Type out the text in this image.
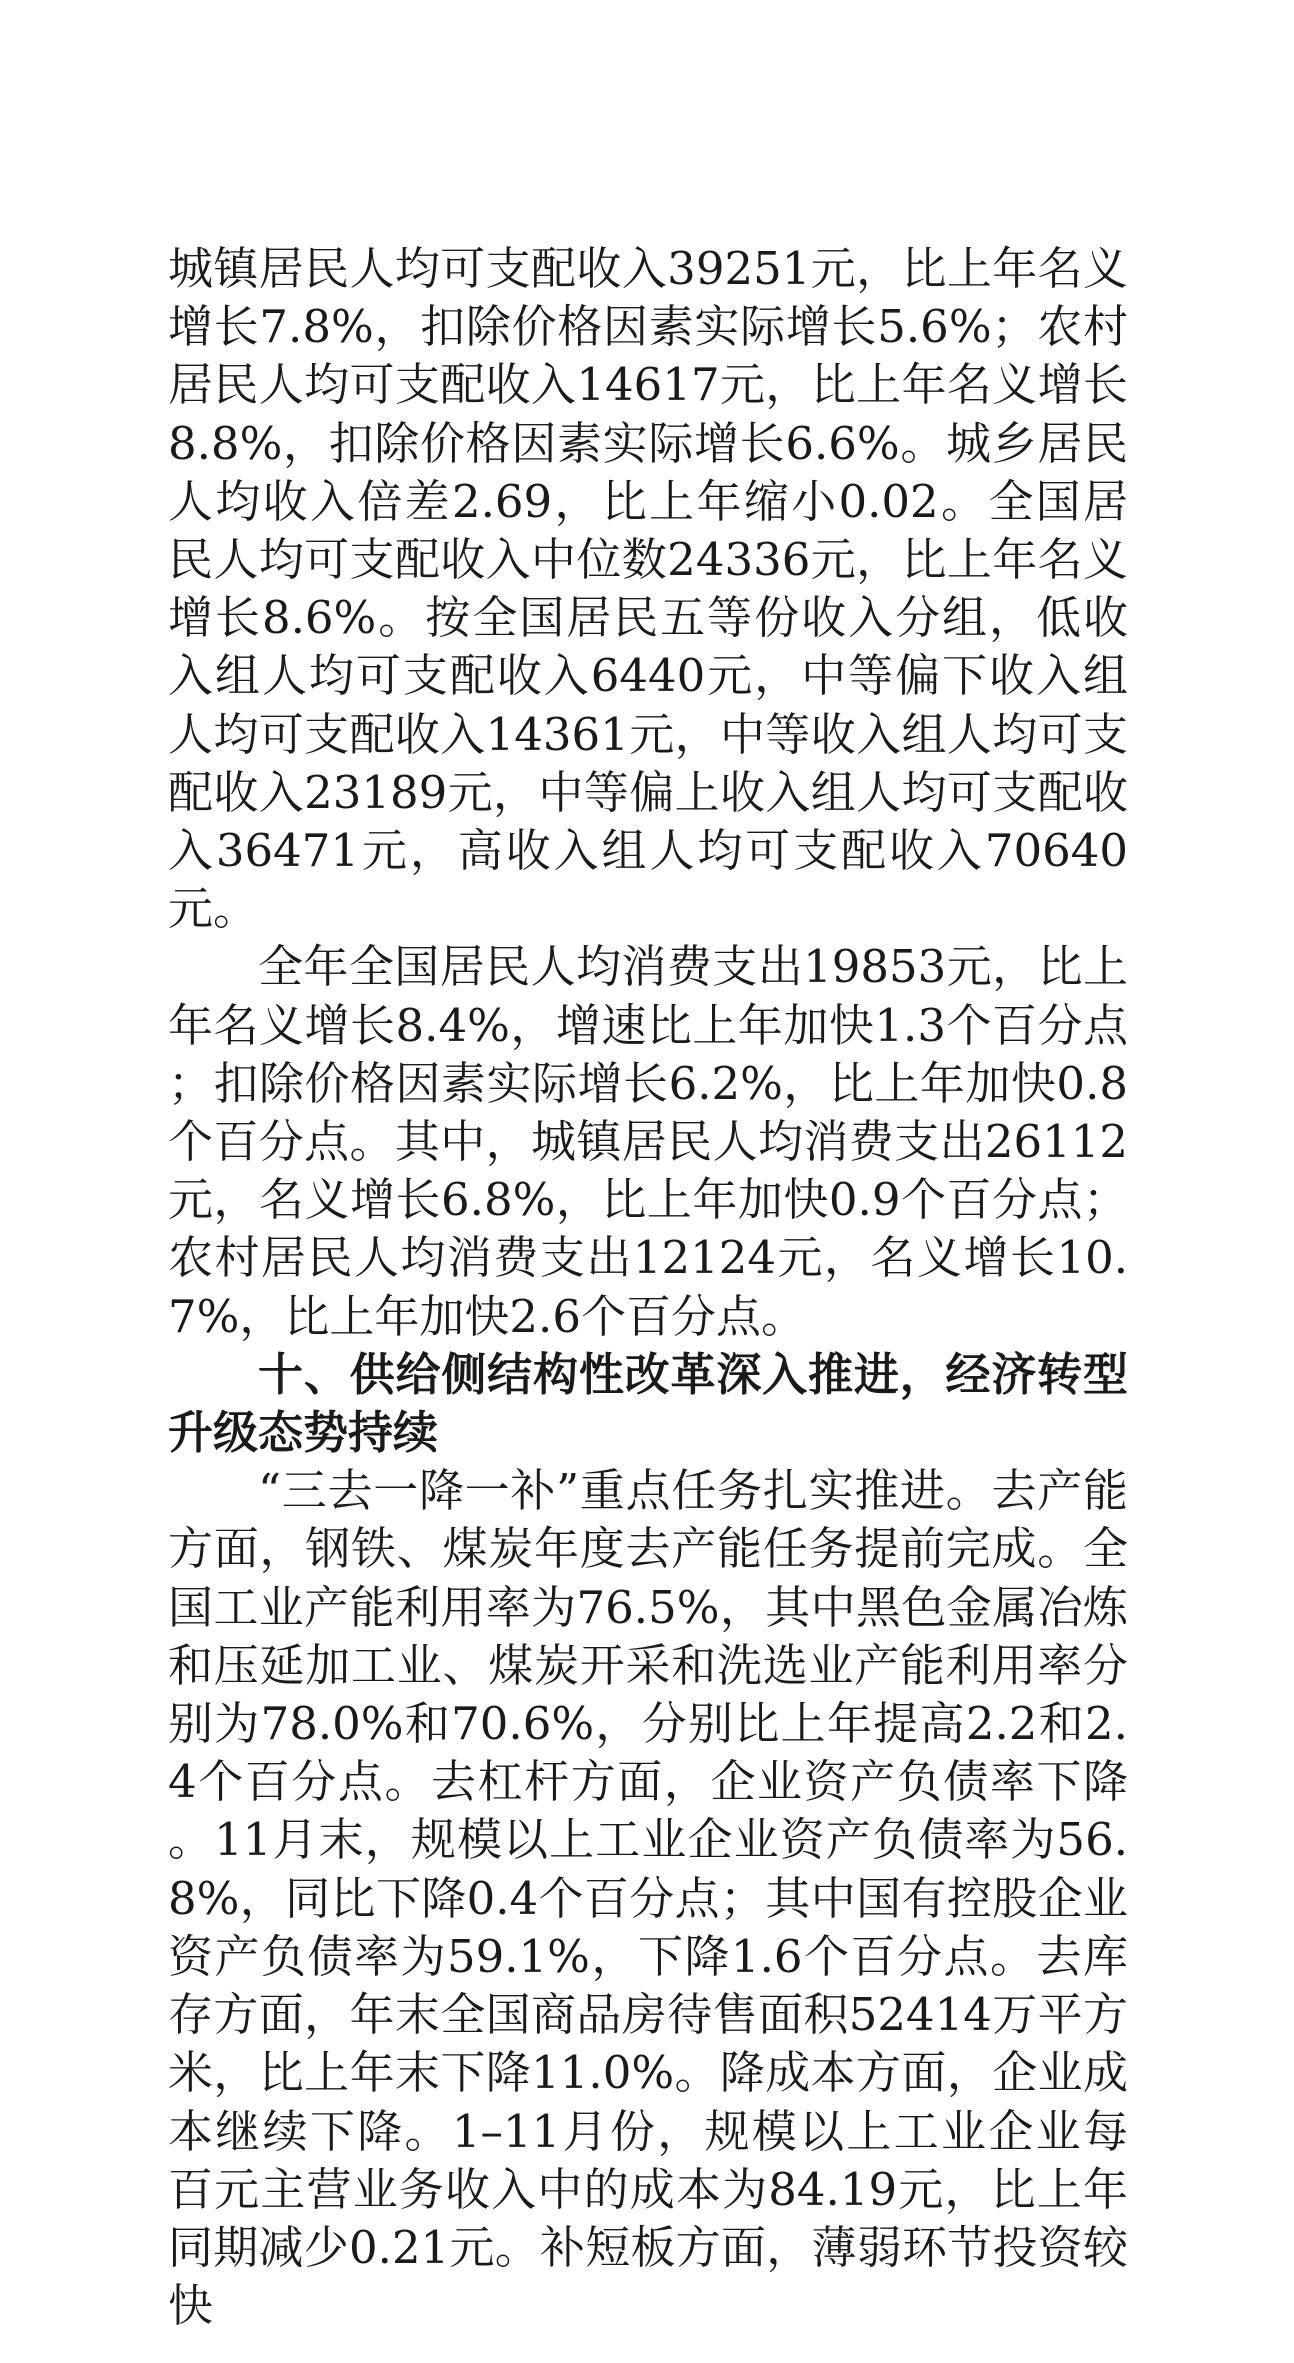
城镇居民人均可支配收入39251元，比上年名义增长7.8%，扣除价格因素实际增长5.6%；农村居民人均可支配收入14617元，比上年名义增长8.8%，扣除价格因素实际增长6.6%。城乡居民人均收入倍差2.69，比上年缩小0.02。全国居民人均可支配收入中位数24336元，比上年名义增长8.6%。按全国居民五等份收入分组，低收入组人均可支配收入6440元，中等偏下收入组人均可支配收入14361元，中等收入组人均可支配收入23189元，中等偏上收入组人均可支配收入36471元，高收入组人均可支配收入70640元。

全年全国居民人均消费支出19853元，比上年名义增长8.4%，增速比上年加快1.3个百分点；扣除价格因素实际增长6.2%，比上年加快0.8个百分点。其中，城镇居民人均消费支出26112元，名义增长6.8%，比上年加快0.9个百分点；农村居民人均消费支出12124元，名义增长10.7%，比上年加快2.6个百分点。

十、供给侧结构性改革深入推进，经济转型升级态势持续

“三去一降一补”重点任务扎实推进。去产能方面，钢铁、煤炭年度去产能任务提前完成。全国工业产能利用率为76.5%，其中黑色金属冶炼和压延加工业、煤炭开采和洗选业产能利用率分别为78.0%和70.6%，分别比上年提高2.2和2.4个百分点。去杠杆方面，企业资产负债率下降。11月末，规模以上工业企业资产负债率为56.8%，同比下降0.4个百分点；其中国有控股企业资产负债率为59.1%，下降1.6个百分点。去库存方面，年末全国商品房待售面积52414万平方米，比上年末下降11.0%。降成本方面，企业成本继续下降。1–11月份，规模以上工业企业每百元主营业务收入中的成本为84.19元，比上年同期减少0.21元。补短板方面，薄弱环节投资较快
